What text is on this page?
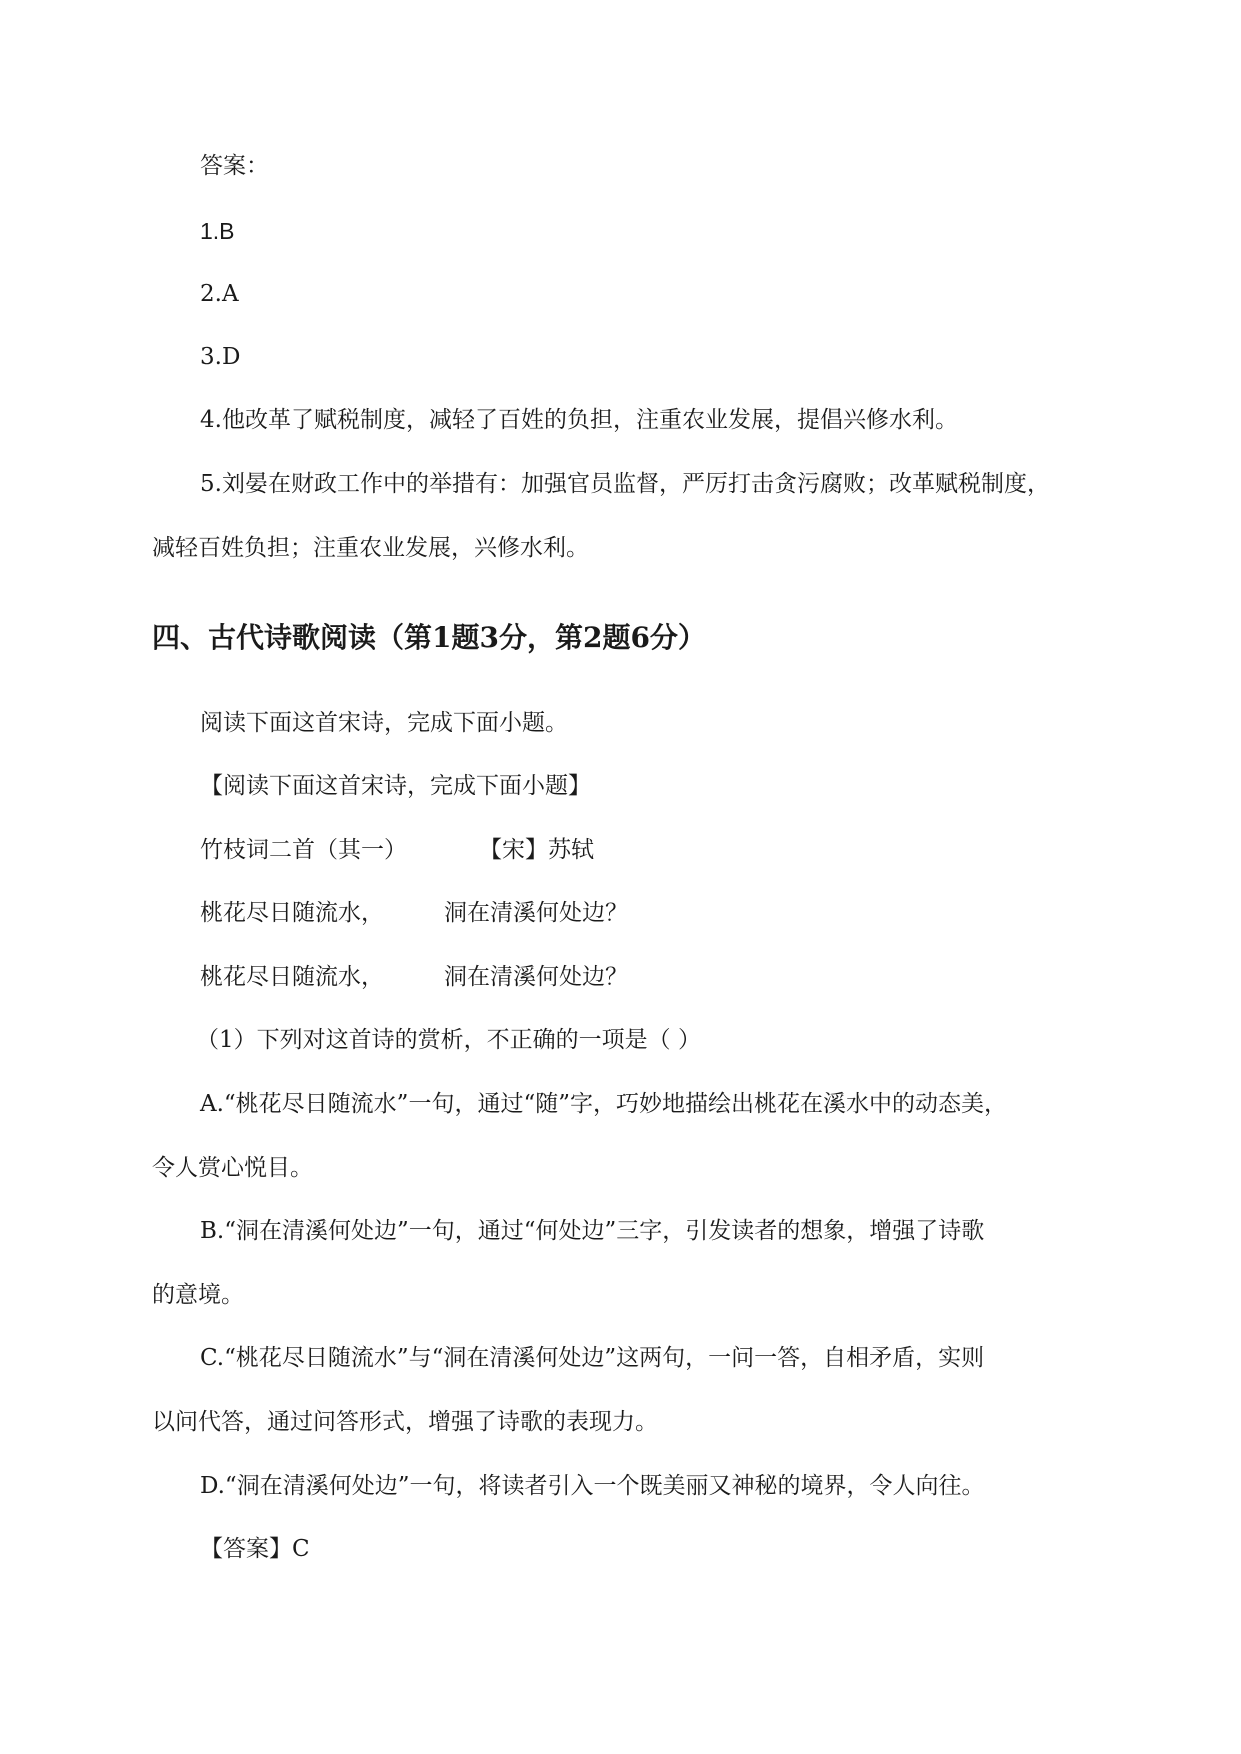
答案：

1.B

2.A

3.D

4.他改革了赋税制度，减轻了百姓的负担，注重农业发展，提倡兴修水利。

5.刘晏在财政工作中的举措有：加强官员监督，严厉打击贪污腐败；改革赋税制度，

减轻百姓负担；注重农业发展，兴修水利。

四、古代诗歌阅读（第1题3分，第2题6分）

阅读下面这首宋诗，完成下面小题。

【阅读下面这首宋诗，完成下面小题】

竹枝词二首（其一）	【宋】苏轼

桃花尽日随流水，	洞在清溪何处边？

桃花尽日随流水，	洞在清溪何处边？

（1）下列对这首诗的赏析，不正确的一项是（ ）

A.“桃花尽日随流水”一句，通过“随”字，巧妙地描绘出桃花在溪水中的动态美，

令人赏心悦目。

B.“洞在清溪何处边”一句，通过“何处边”三字，引发读者的想象，增强了诗歌

的意境。

C.“桃花尽日随流水”与“洞在清溪何处边”这两句，一问一答，自相矛盾，实则

以问代答，通过问答形式，增强了诗歌的表现力。

D.“洞在清溪何处边”一句，将读者引入一个既美丽又神秘的境界，令人向往。

【答案】C
